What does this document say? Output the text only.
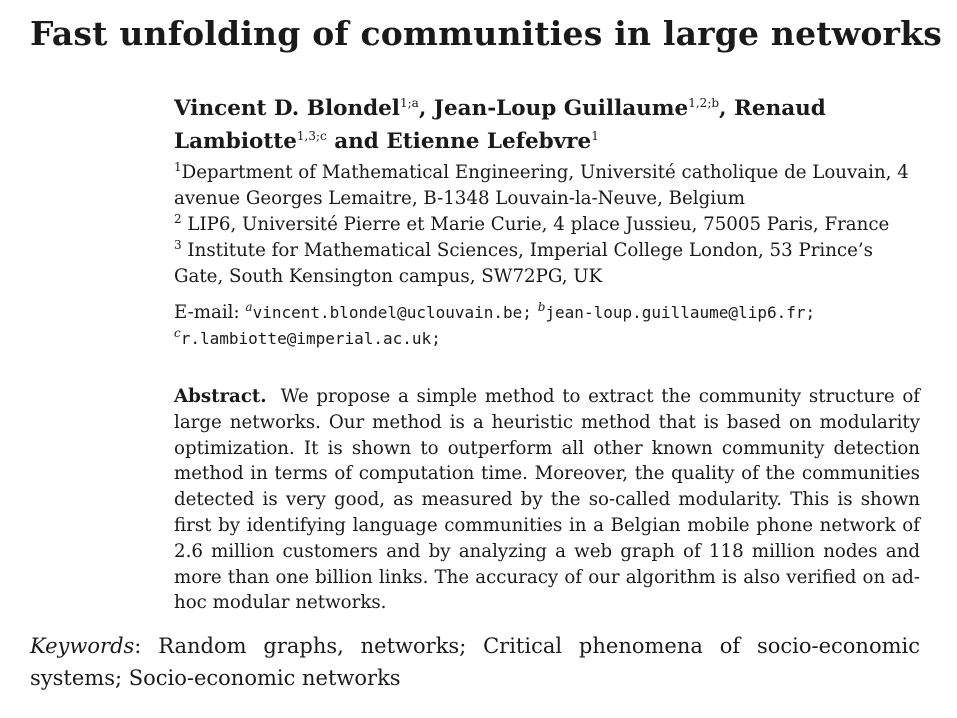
Fast unfolding of communities in large networks
Vincent D. Blondel$^{1;a}$, Jean-Loup Guillaume$^{1,2;b}$, Renaud Lambiotte$^{1,3;c}$ and Etienne Lefebvre$^1$
$^1$Department of Mathematical Engineering, Université catholique de Louvain, 4 avenue Georges Lemaitre, B-1348 Louvain-la-Neuve, Belgium
$^2$ LIP6, Université Pierre et Marie Curie, 4 place Jussieu, 75005 Paris, France
$^3$ Institute for Mathematical Sciences, Imperial College London, 53 Prince’s Gate, South Kensington campus, SW72PG, UK
E-mail: $^a$vincent.blondel@uclouvain.be; $^b$jean-loup.guillaume@lip6.fr;
$^c$r.lambiotte@imperial.ac.uk;
Abstract. We propose a simple method to extract the community structure of large networks. Our method is a heuristic method that is based on modularity optimization. It is shown to outperform all other known community detection method in terms of computation time. Moreover, the quality of the communities detected is very good, as measured by the so-called modularity. This is shown first by identifying language communities in a Belgian mobile phone network of 2.6 million customers and by analyzing a web graph of 118 million nodes and more than one billion links. The accuracy of our algorithm is also verified on ad-hoc modular networks.
Keywords: Random graphs, networks; Critical phenomena of socio-economic systems; Socio-economic networks
